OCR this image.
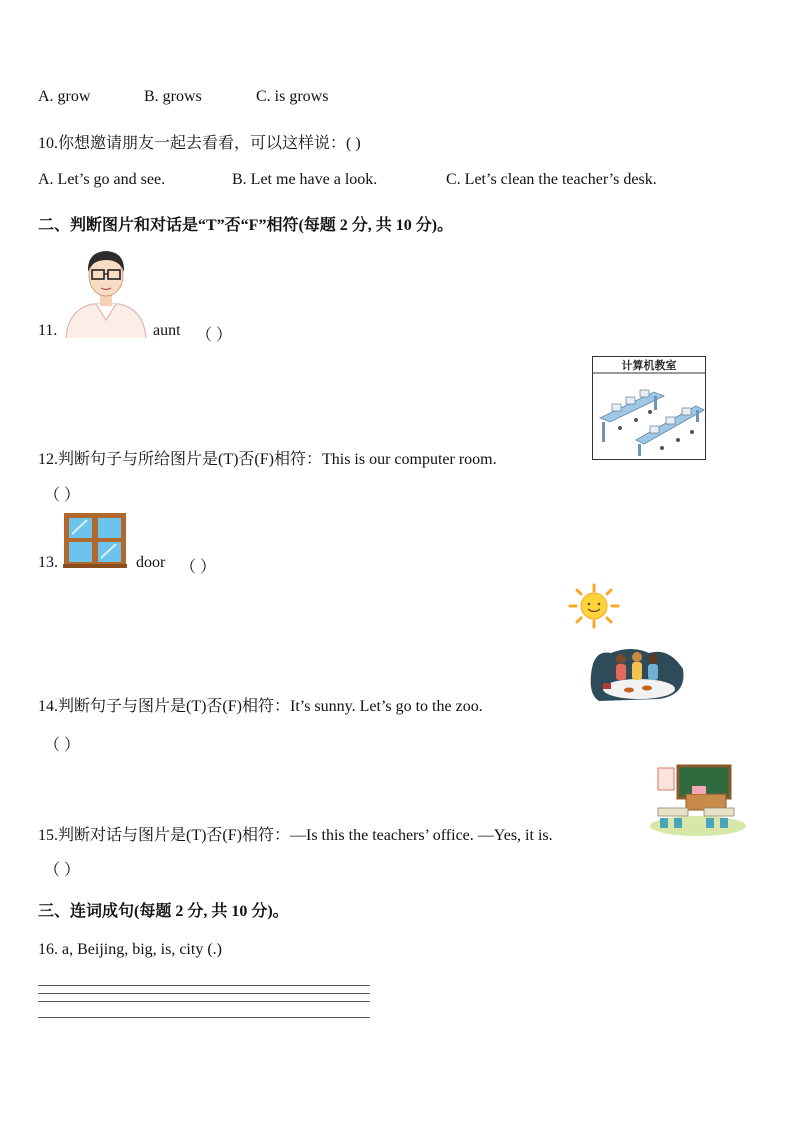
A. grow	B. grows	C. is grows
10.你想邀请朋友一起去看看，可以这样说：( )
A. Let’s go and see.	B. Let me have a look.	C. Let’s clean the teacher’s desk.
二、判断图片和对话是“T”否“F”相符(每题 2 分, 共 10 分)。
11.	aunt （ ）
计算机教室
12.判断句子与所给图片是(T)否(F)相符：This is our computer room.
（ ）
13.	door （ ）
14.判断句子与图片是(T)否(F)相符：It’s sunny. Let’s go to the zoo.
（ ）
15.判断对话与图片是(T)否(F)相符：—Is this the teachers’ office. —Yes, it is.
（ ）
三、连词成句(每题 2 分, 共 10 分)。
16. a, Beijing, big, is, city (.)
